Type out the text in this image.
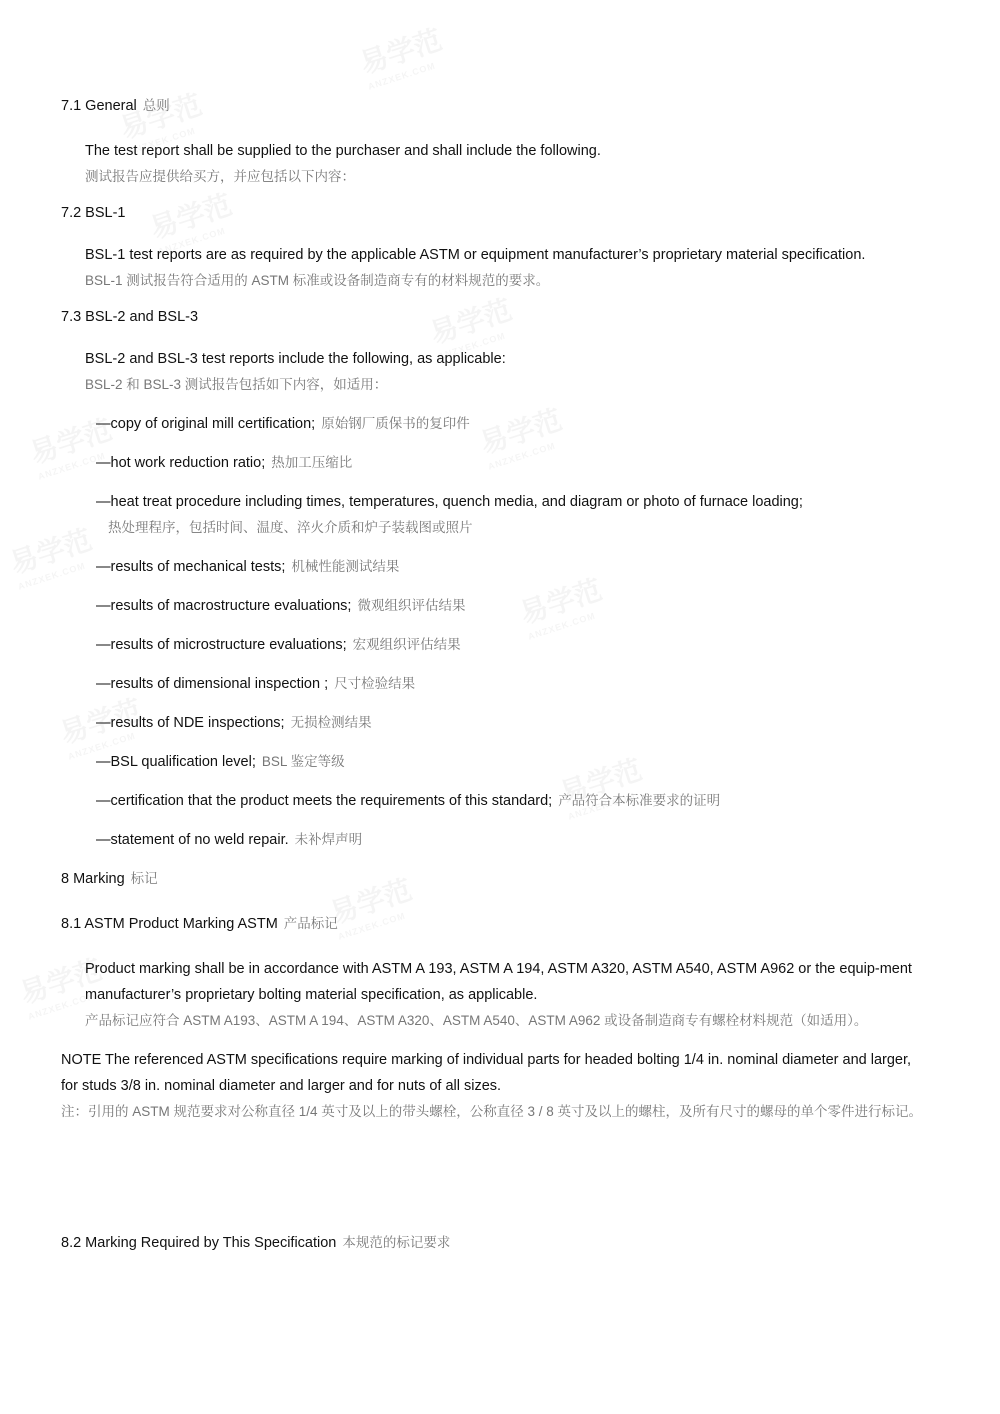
7.1 General 总则
The test report shall be supplied to the purchaser and shall include the following.
测试报告应提供给买方，并应包括以下内容：
7.2 BSL-1
BSL-1 test reports are as required by the applicable ASTM or equipment manufacturer’s proprietary material specification.
BSL-1 测试报告符合适用的 ASTM 标准或设备制造商专有的材料规范的要求。
7.3 BSL-2 and BSL-3
BSL-2 and BSL-3 test reports include the following, as applicable:
BSL-2 和 BSL-3 测试报告包括如下内容，如适用：
—copy of original mill certification; 原始钢厂质保书的复印件
—hot work reduction ratio; 热加工压缩比
—heat treat procedure including times, temperatures, quench media, and diagram or photo of furnace loading;
热处理程序，包括时间、温度、淬火介质和炉子装载图或照片
—results of mechanical tests; 机械性能测试结果
—results of macrostructure evaluations; 微观组织评估结果
—results of microstructure evaluations; 宏观组织评估结果
—results of dimensional inspection ; 尺寸检验结果
—results of NDE inspections; 无损检测结果
—BSL qualification level; BSL 鉴定等级
—certification that the product meets the requirements of this standard; 产品符合本标准要求的证明
—statement of no weld repair. 未补焊声明
8 Marking 标记
8.1 ASTM Product Marking ASTM 产品标记
Product marking shall be in accordance with ASTM A 193, ASTM A 194, ASTM A320, ASTM A540, ASTM A962 or the equip-ment manufacturer’s proprietary bolting material specification, as applicable.
产品标记应符合 ASTM A193、ASTM A 194、ASTM A320、ASTM A540、ASTM A962 或设备制造商专有螺栓材料规范（如适用）。
NOTE The referenced ASTM specifications require marking of individual parts for headed bolting 1/4 in. nominal diameter and larger, for studs 3/8 in. nominal diameter and larger and for nuts of all sizes.
注：引用的 ASTM 规范要求对公称直径 1/4 英寸及以上的带头螺栓，公称直径 3 / 8 英寸及以上的螺柱，及所有尺寸的螺母的单个零件进行标记。
8.2 Marking Required by This Specification 本规范的标记要求
